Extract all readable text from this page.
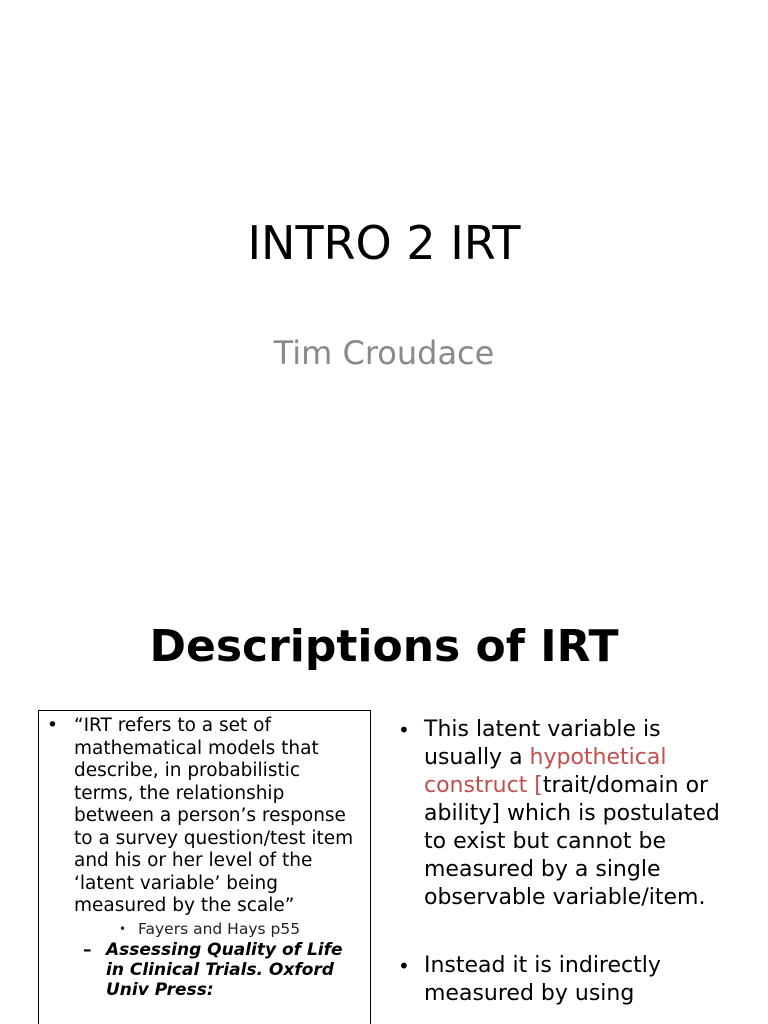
INTRO 2 IRT

Tim Croudace

Descriptions of IRT
• “IRT refers to a set of mathematical models that describe, in probabilistic terms, the relationship between a person’s response to a survey question/test item and his or her level of the ‘latent variable’ being measured by the scale”
• Fayers and Hays p55
– Assessing Quality of Life in Clinical Trials. Oxford Univ Press:
• This latent variable is usually a hypothetical construct [trait/domain or ability] which is postulated to exist but cannot be measured by a single observable variable/item.
• Instead it is indirectly measured by using
